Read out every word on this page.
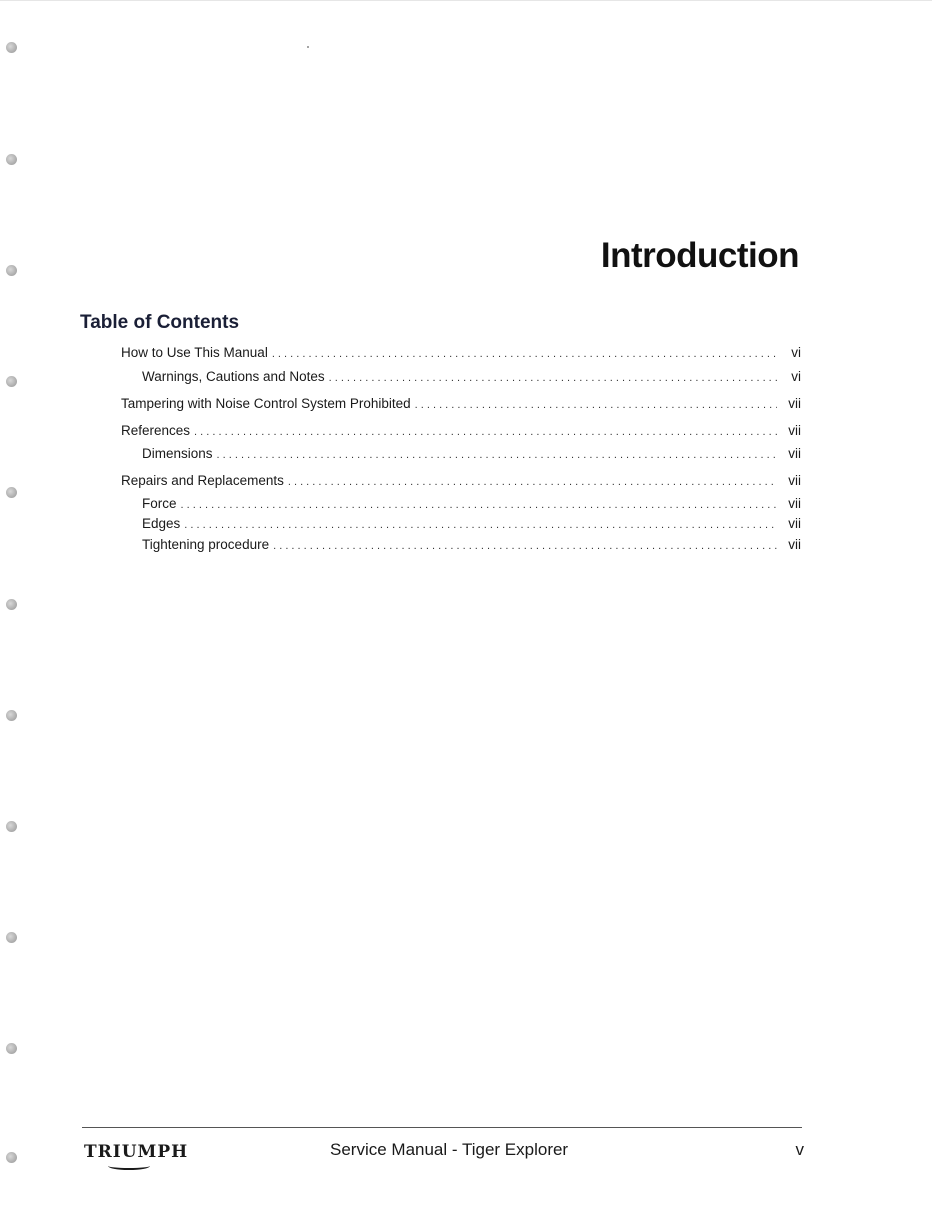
Introduction
Table of Contents
How to Use This Manual . . .	vi
Warnings, Cautions and Notes . . .	vi
Tampering with Noise Control System Prohibited . . .	vii
References . . .	vii
Dimensions . . .	vii
Repairs and Replacements . . .	vii
Force . . .	vii
Edges . . .	vii
Tightening procedure . . .	vii
TRIUMPH	Service Manual - Tiger Explorer	v
